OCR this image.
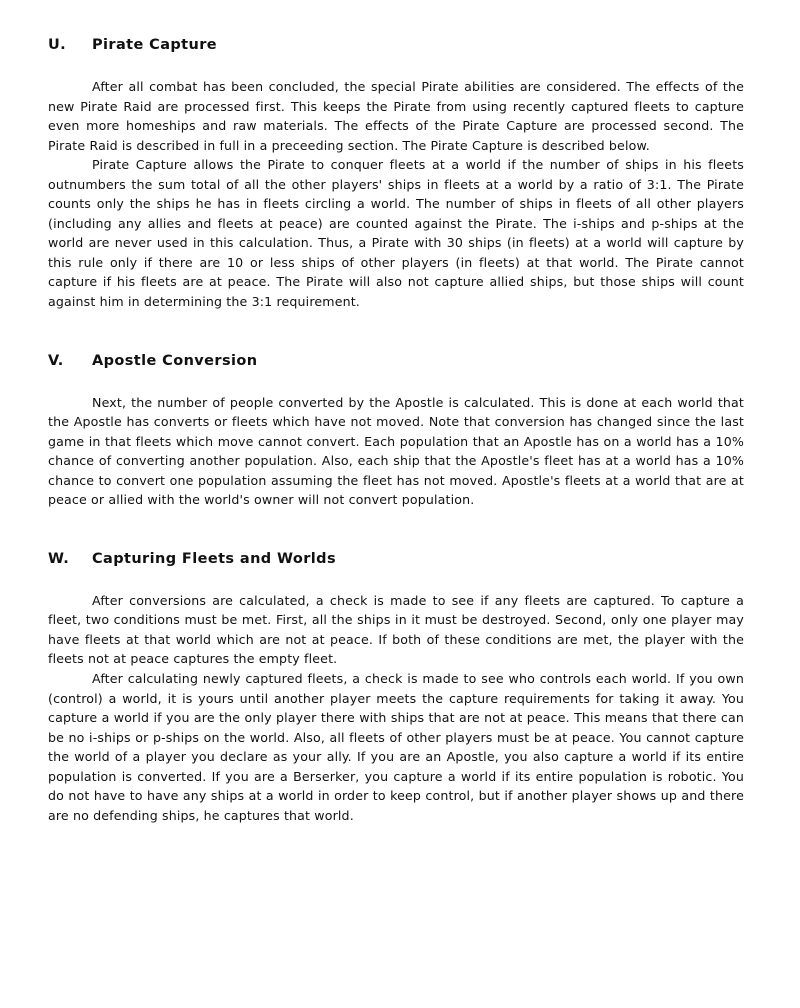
U.	Pirate Capture

After all combat has been concluded, the special Pirate abilities are considered. The effects of the new Pirate Raid are processed first. This keeps the Pirate from using recently captured fleets to capture even more homeships and raw materials. The effects of the Pirate Capture are processed second. The Pirate Raid is described in full in a preceeding section. The Pirate Capture is described below.

Pirate Capture allows the Pirate to conquer fleets at a world if the number of ships in his fleets outnumbers the sum total of all the other players' ships in fleets at a world by a ratio of 3:1. The Pirate counts only the ships he has in fleets circling a world. The number of ships in fleets of all other players (including any allies and fleets at peace) are counted against the Pirate. The i-ships and p-ships at the world are never used in this calculation. Thus, a Pirate with 30 ships (in fleets) at a world will capture by this rule only if there are 10 or less ships of other players (in fleets) at that world. The Pirate cannot capture if his fleets are at peace. The Pirate will also not capture allied ships, but those ships will count against him in determining the 3:1 requirement.

V.	Apostle Conversion

Next, the number of people converted by the Apostle is calculated. This is done at each world that the Apostle has converts or fleets which have not moved. Note that conversion has changed since the last game in that fleets which move cannot convert. Each population that an Apostle has on a world has a 10% chance of converting another population. Also, each ship that the Apostle's fleet has at a world has a 10% chance to convert one population assuming the fleet has not moved. Apostle's fleets at a world that are at peace or allied with the world's owner will not convert population.

W.	Capturing Fleets and Worlds

After conversions are calculated, a check is made to see if any fleets are captured. To capture a fleet, two conditions must be met. First, all the ships in it must be destroyed. Second, only one player may have fleets at that world which are not at peace. If both of these conditions are met, the player with the fleets not at peace captures the empty fleet.

After calculating newly captured fleets, a check is made to see who controls each world. If you own (control) a world, it is yours until another player meets the capture requirements for taking it away. You capture a world if you are the only player there with ships that are not at peace. This means that there can be no i-ships or p-ships on the world. Also, all fleets of other players must be at peace. You cannot capture the world of a player you declare as your ally. If you are an Apostle, you also capture a world if its entire population is converted. If you are a Berserker, you capture a world if its entire population is robotic. You do not have to have any ships at a world in order to keep control, but if another player shows up and there are no defending ships, he captures that world.
